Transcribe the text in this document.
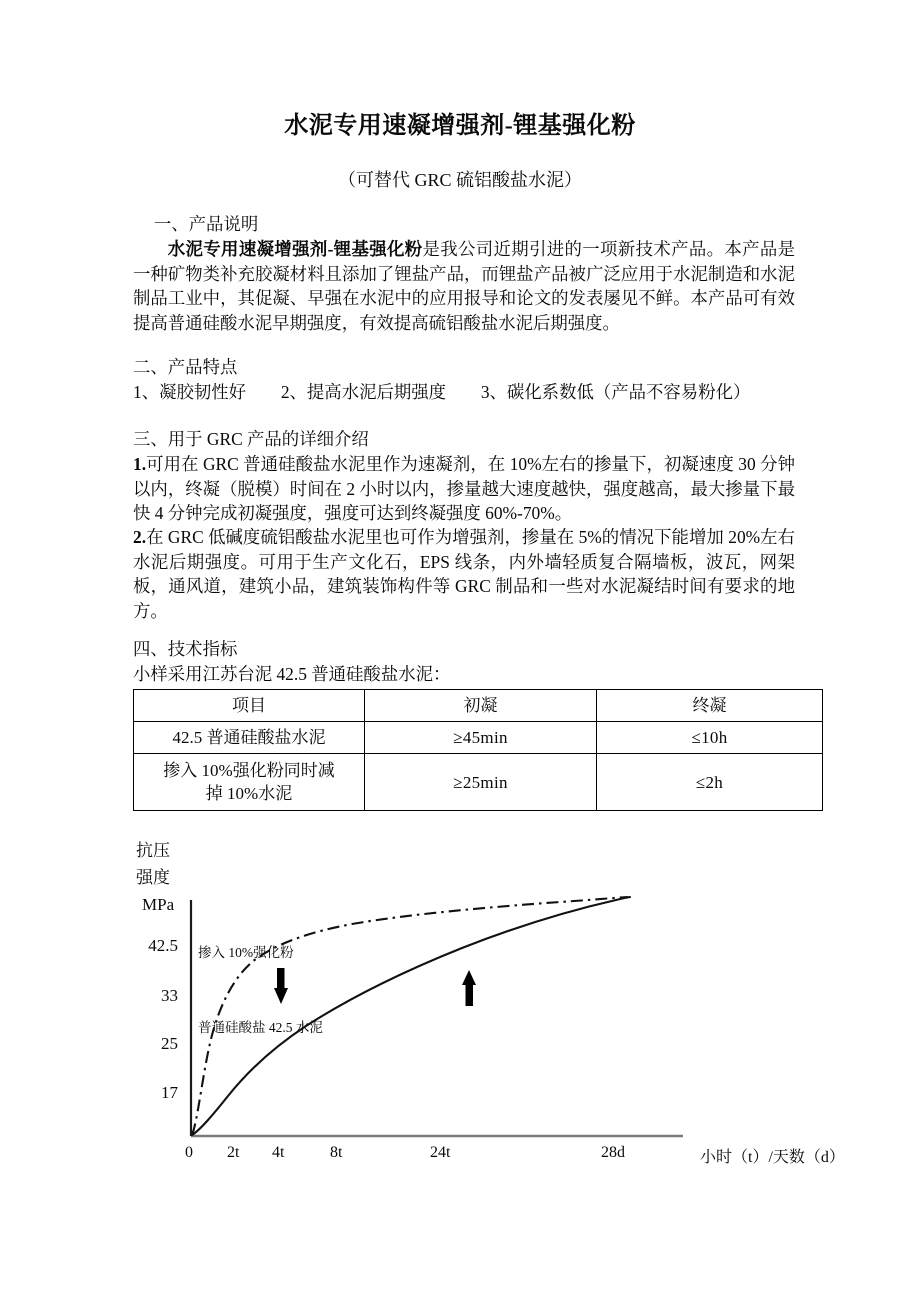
水泥专用速凝增强剂-锂基强化粉
（可替代 GRC 硫铝酸盐水泥）
一、产品说明
水泥专用速凝增强剂-锂基强化粉是我公司近期引进的一项新技术产品。本产品是一种矿物类补充胶凝材料且添加了锂盐产品，而锂盐产品被广泛应用于水泥制造和水泥制品工业中，其促凝、早强在水泥中的应用报导和论文的发表屡见不鲜。本产品可有效提高普通硅酸水泥早期强度，有效提高硫铝酸盐水泥后期强度。
二、产品特点
1、凝胶韧性好　　2、提高水泥后期强度　　3、碳化系数低（产品不容易粉化）
三、用于 GRC 产品的详细介绍
1.可用在 GRC 普通硅酸盐水泥里作为速凝剂，在 10%左右的掺量下，初凝速度 30 分钟以内，终凝（脱模）时间在 2 小时以内，掺量越大速度越快，强度越高，最大掺量下最快 4 分钟完成初凝强度，强度可达到终凝强度 60%-70%。
2.在 GRC 低碱度硫铝酸盐水泥里也可作为增强剂，掺量在 5%的情况下能增加 20%左右水泥后期强度。可用于生产文化石，EPS 线条，内外墙轻质复合隔墙板，波瓦，网架板，通风道，建筑小品，建筑装饰构件等 GRC 制品和一些对水泥凝结时间有要求的地方。
四、技术指标
小样采用江苏台泥 42.5 普通硅酸盐水泥：
项目	初凝	终凝
42.5 普通硅酸盐水泥	≥45min	≤10h
掺入 10%强化粉同时减
掉 10%水泥	≥25min	≤2h
抗压
强度
MPa
42.5
33
25
17
掺入 10%强化粉
普通硅酸盐 42.5 水泥
0 2t 4t	8t	24t	28d	小时（t）/天数（d）
